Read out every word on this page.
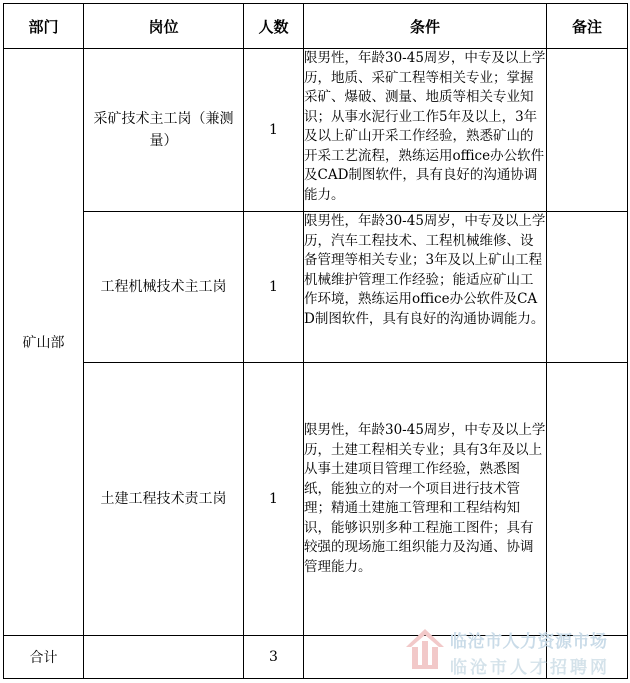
部门	岗位	人数	条件	备注
矿山部	采矿技术主工岗（兼测量）	1	限男性，年龄30-45周岁，中专及以上学历，地质、采矿工程等相关专业；掌握采矿、爆破、测量、地质等相关专业知识；从事水泥行业工作5年及以上，3年及以上矿山开采工作经验，熟悉矿山的开采工艺流程，熟练运用office办公软件及CAD制图软件，具有良好的沟通协调能力。	

	工程机械技术主工岗	1	限男性，年龄30-45周岁，中专及以上学历，汽车工程技术、工程机械维修、设备管理等相关专业；3年及以上矿山工程机械维护管理工作经验；能适应矿山工作环境，熟练运用office办公软件及CAD制图软件，具有良好的沟通协调能力。	

	土建工程技术责工岗	1	限男性，年龄30-45周岁，中专及以上学历，土建工程相关专业；具有3年及以上从事土建项目管理工作经验，熟悉图纸，能独立的对一个项目进行技术管理；精通土建施工管理和工程结构知识，能够识别多种工程施工图件；具有较强的现场施工组织能力及沟通、协调管理能力。	

合计		3		
临沧市人力资源市场
临沧市人才招聘网
